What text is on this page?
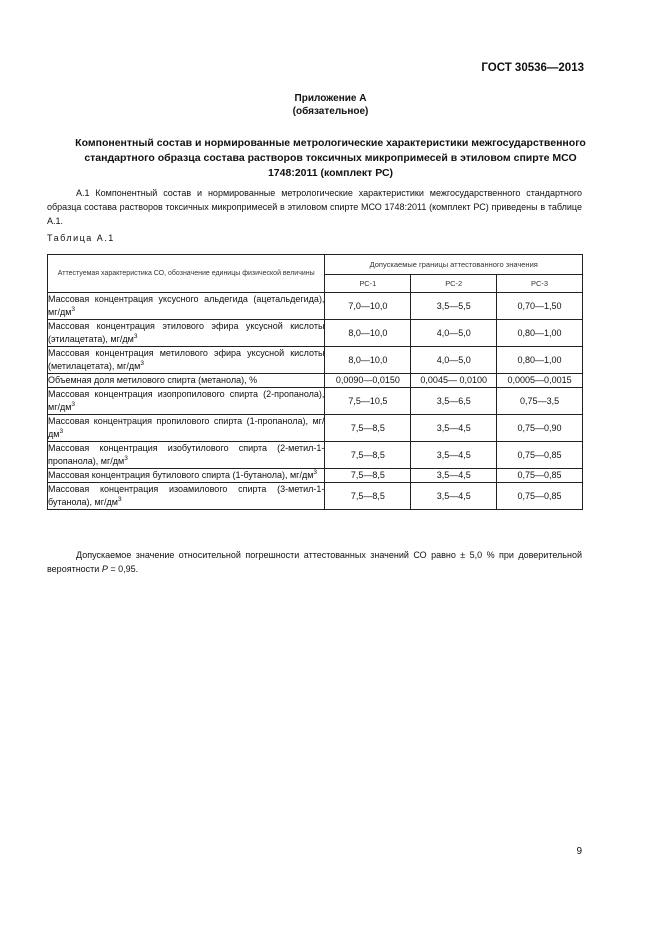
ГОСТ 30536—2013
Приложение А
(обязательное)
Компонентный состав и нормированные метрологические характеристики межгосударственного стандартного образца состава растворов токсичных микропримесей в этиловом спирте МСО 1748:2011 (комплект РС)
А.1 Компонентный состав и нормированные метрологические характеристики межгосударственного стандартного образца состава растворов токсичных микропримесей в этиловом спирте МСО 1748:2011 (комплект РС) приведены в таблице А.1.
Таблица А.1
Аттестуемая характеристика СО, обозначение единицы физической величины	Допускаемые границы аттестованного значения		
	РС-1	РС-2	РС-3
Массовая концентрация уксусного альдегида (ацетальдегида), $мг/дм^3$	7,0—10,0	3,5—5,5	0,70—1,50
Массовая концентрация этилового эфира уксусной кислоты (этилацетата), $мг/дм^3$	8,0—10,0	4,0—5,0	0,80—1,00
Массовая концентрация метилового эфира уксусной кислоты (метилацетата), $мг/дм^3$	8,0—10,0	4,0—5,0	0,80—1,00
Объемная доля метилового спирта (метанола), %	0,0090—0,0150	0,0045— 0,0100	0,0005—0,0015
Массовая концентрация изопропилового спирта (2-пропанола), $мг/дм^3$	7,5—10,5	3,5—6,5	0,75—3,5
Массовая концентрация пропилового спирта (1-пропанола), $мг/дм^3$	7,5—8,5	3,5—4,5	0,75—0,90
Массовая концентрация изобутилового спирта (2-метил-1-пропанола), $мг/дм^3$	7,5—8,5	3,5—4,5	0,75—0,85
Массовая концентрация бутилового спирта (1-бутанола), $мг/дм^3$	7,5—8,5	3,5—4,5	0,75—0,85
Массовая концентрация изоамилового спирта (3-метил-1-бутанола), $мг/дм^3$	7,5—8,5	3,5—4,5	0,75—0,85
Допускаемое значение относительной погрешности аттестованных значений СО равно ± 5,0 % при доверительной вероятности P = 0,95.
9
